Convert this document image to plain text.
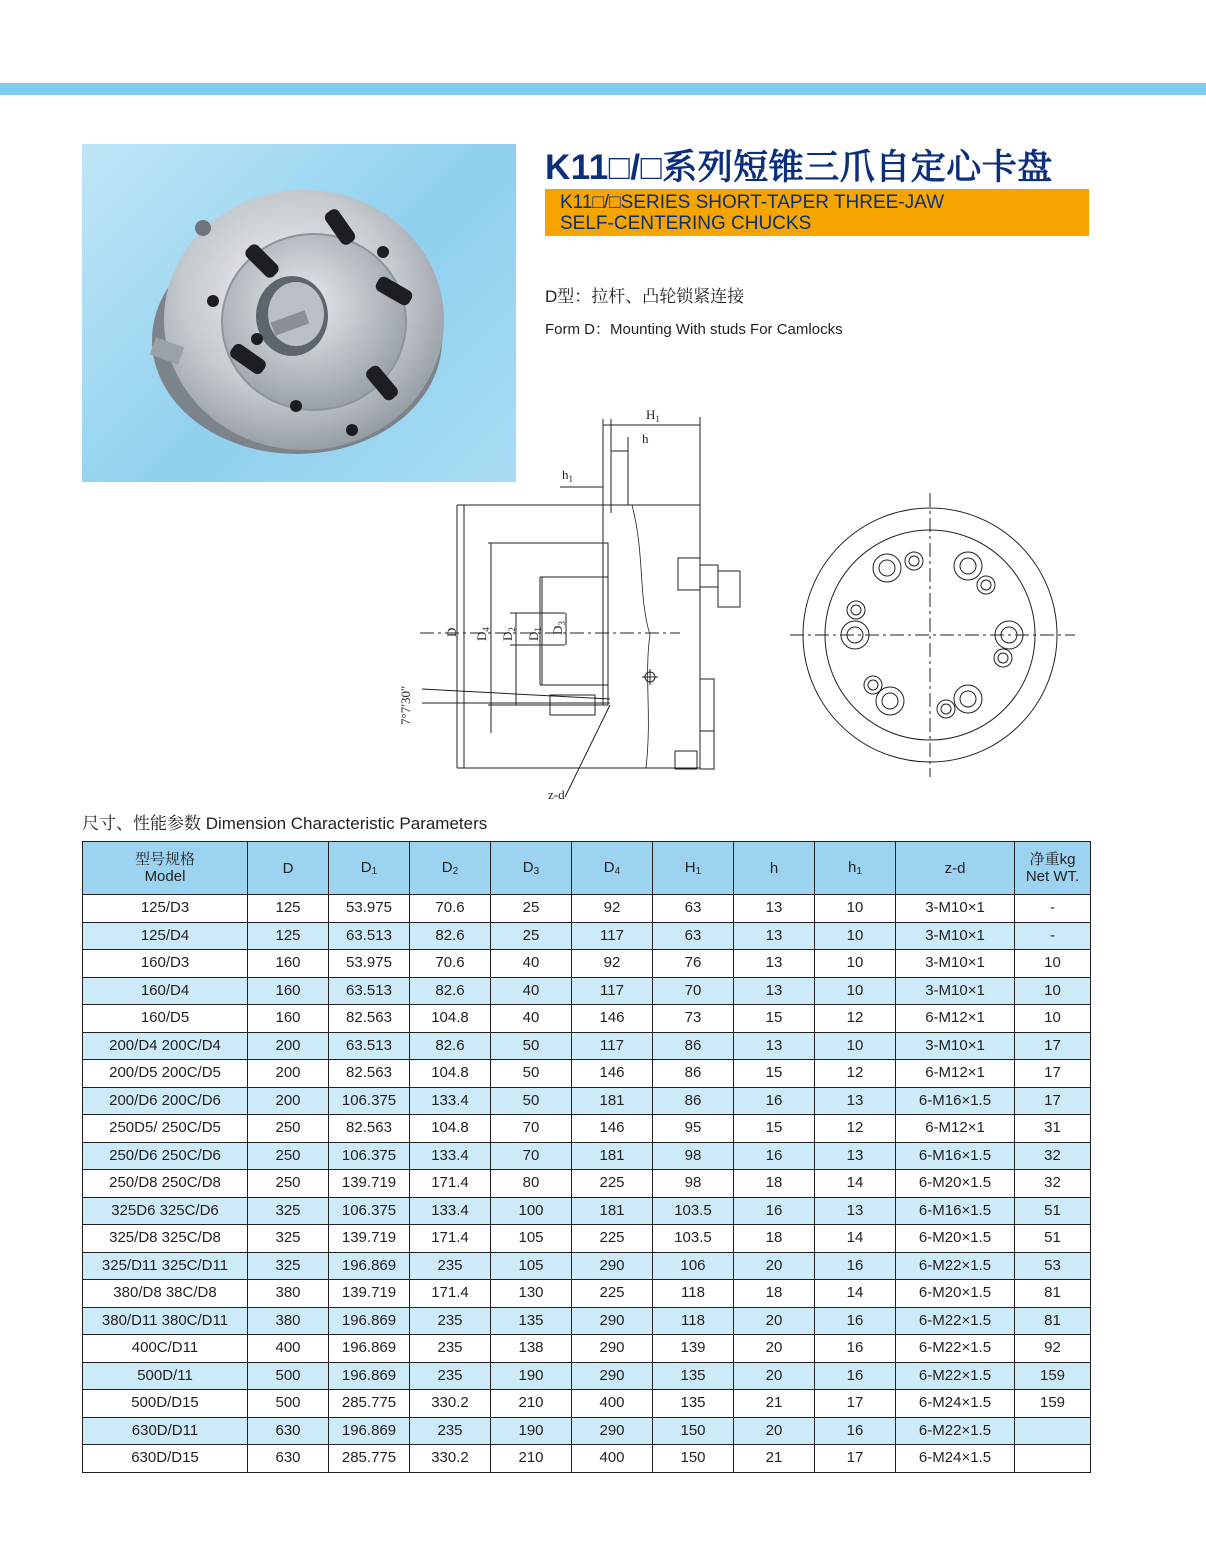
K11□/□系列短锥三爪自定心卡盘
K11□/□SERIES SHORT-TAPER THREE-JAW
SELF-CENTERING CHUCKS
D型：拉杆、凸轮锁紧连接
Form D：Mounting With studs For Camlocks
$H_1$
h
$h_1$
D $D_4$
$D_2$
$D_1$ $D_3$
7°7′30″
z-d
尺寸、性能参数 Dimension Characteristic Parameters
型号规格
Model	D	$D_1$	$D_2$	$D_3$	$D_4$	$H_1$	h	$h_1$	z-d	净重kg
Net WT.
125/D3	125	53.975	70.6	25	92	63	13	10	3-M10×1	-
125/D4	125	63.513	82.6	25	117	63	13	10	3-M10×1	-
160/D3	160	53.975	70.6	40	92	76	13	10	3-M10×1	10
160/D4	160	63.513	82.6	40	117	70	13	10	3-M10×1	10
160/D5	160	82.563	104.8	40	146	73	15	12	6-M12×1	10
200/D4 200C/D4	200	63.513	82.6	50	117	86	13	10	3-M10×1	17
200/D5 200C/D5	200	82.563	104.8	50	146	86	15	12	6-M12×1	17
200/D6 200C/D6	200	106.375	133.4	50	181	86	16	13	6-M16×1.5	17
250D5/ 250C/D5	250	82.563	104.8	70	146	95	15	12	6-M12×1	31
250/D6 250C/D6	250	106.375	133.4	70	181	98	16	13	6-M16×1.5	32
250/D8 250C/D8	250	139.719	171.4	80	225	98	18	14	6-M20×1.5	32
325D6 325C/D6	325	106.375	133.4	100	181	103.5	16	13	6-M16×1.5	51
325/D8 325C/D8	325	139.719	171.4	105	225	103.5	18	14	6-M20×1.5	51
325/D11 325C/D11	325	196.869	235	105	290	106	20	16	6-M22×1.5	53
380/D8 38C/D8	380	139.719	171.4	130	225	118	18	14	6-M20×1.5	81
380/D11 380C/D11	380	196.869	235	135	290	118	20	16	6-M22×1.5	81
400C/D11	400	196.869	235	138	290	139	20	16	6-M22×1.5	92
500D/11	500	196.869	235	190	290	135	20	16	6-M22×1.5	159
500D/D15	500	285.775	330.2	210	400	135	21	17	6-M24×1.5	159
630D/D11	630	196.869	235	190	290	150	20	16	6-M22×1.5	
630D/D15	630	285.775	330.2	210	400	150	21	17	6-M24×1.5	
